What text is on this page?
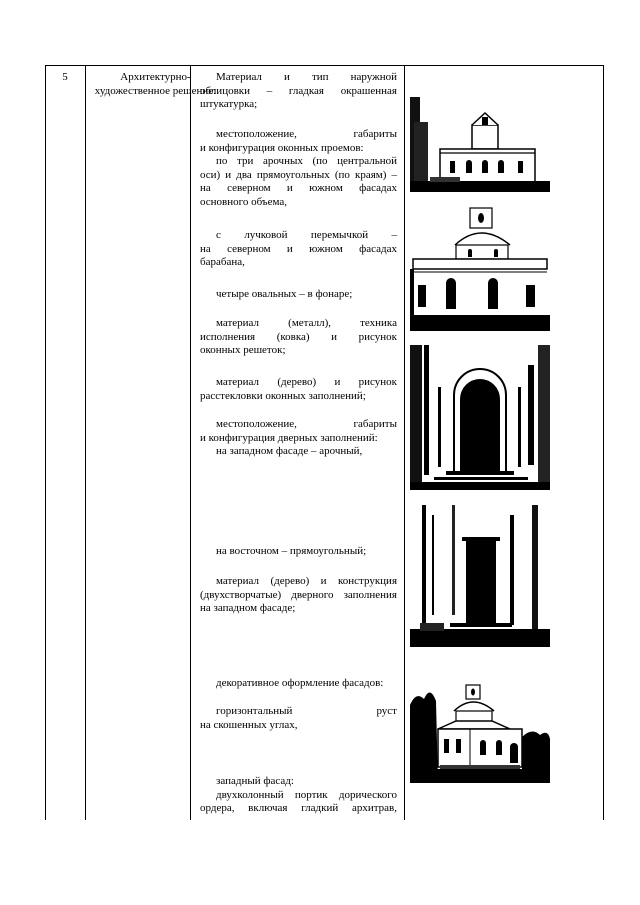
5	Архитектурно-художественное решение:
Материал и тип наружной
облицовки – гладкая окрашенная
штукатурка;
местоположение, габариты
и конфигурация оконных проемов:
по три арочных (по центральной
оси) и два прямоугольных (по краям) –
на северном и южном фасадах
основного объема,
с лучковой перемычкой –
на северном и южном фасадах
барабана,
четыре овальных – в фонаре;
материал (металл), техника
исполнения (ковка) и рисунок
оконных решеток;
материал (дерево) и рисунок
расстекловки оконных заполнений;
местоположение, габариты
и конфигурация дверных заполнений:
на западном фасаде – арочный,
на восточном – прямоугольный;
материал (дерево) и конструкция
(двухстворчатые) дверного заполнения
на западном фасаде;
декоративное оформление фасадов:
горизонтальный руст
на скошенных углах,
западный фасад:
двухколонный портик дорического
ордера, включая гладкий архитрав,
